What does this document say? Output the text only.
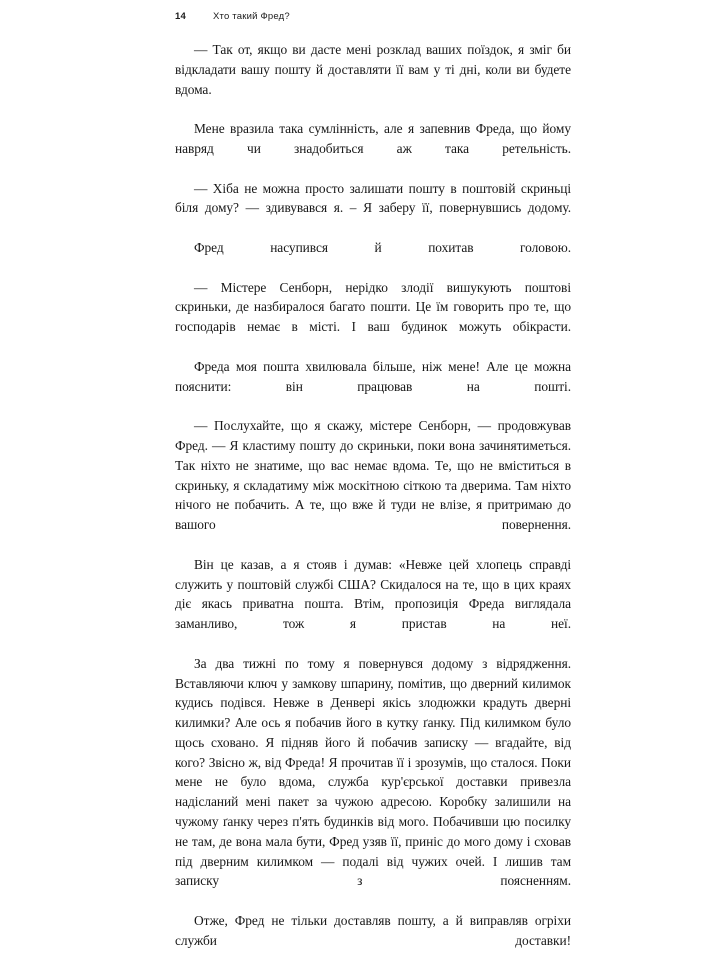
14	Хто такий Фред?

— Так от, якщо ви дасте мені розклад ваших поїздок, я зміг би відкладати вашу пошту й доставляти її вам у ті дні, коли ви будете вдома.

Мене вразила така сумлінність, але я запевнив Фреда, що йому навряд чи знадобиться аж така ретельність.

— Хіба не можна просто залишати пошту в поштовій скриньці біля дому? — здивувався я. – Я заберу її, повернувшись додому.

Фред насупився й похитав головою.

— Містере Сенборн, нерідко злодії вишукують поштові скриньки, де назбиралося багато пошти. Це їм говорить про те, що господарів немає в місті. І ваш будинок можуть обікрасти.

Фреда моя пошта хвилювала більше, ніж мене! Але це можна пояснити: він працював на пошті.

— Послухайте, що я скажу, містере Сенборн, — продовжував Фред. — Я кластиму пошту до скриньки, поки вона зачинятиметься. Так ніхто не знатиме, що вас немає вдома. Те, що не вміститься в скриньку, я складатиму між москітною сіткою та дверима. Там ніхто нічого не побачить. А те, що вже й туди не влізе, я притримаю до вашого повернення.

Він це казав, а я стояв і думав: «Невже цей хлопець справді служить у поштовій службі США? Скидалося на те, що в цих краях діє якась приватна пошта. Втім, пропозиція Фреда виглядала заманливо, тож я пристав на неї.

За два тижні по тому я повернувся додому з відрядження. Вставляючи ключ у замкову шпарину, помітив, що дверний килимок кудись подівся. Невже в Денвері якісь злодюжки крадуть дверні килимки? Але ось я побачив його в кутку ґанку. Під килимком було щось сховано. Я підняв його й побачив записку — вгадайте, від кого? Звісно ж, від Фреда! Я прочитав її і зрозумів, що сталося. Поки мене не було вдома, служба кур'єрської доставки привезла надісланий мені пакет за чужою адресою. Коробку залишили на чужому ґанку через п'ять будинків від мого. Побачивши цю посилку не там, де вона мала бути, Фред узяв її, приніс до мого дому і сховав під дверним килимком — подалі від чужих очей. І лишив там записку з поясненням.

Отже, Фред не тільки доставляв пошту, а й виправляв огріхи служби доставки!
